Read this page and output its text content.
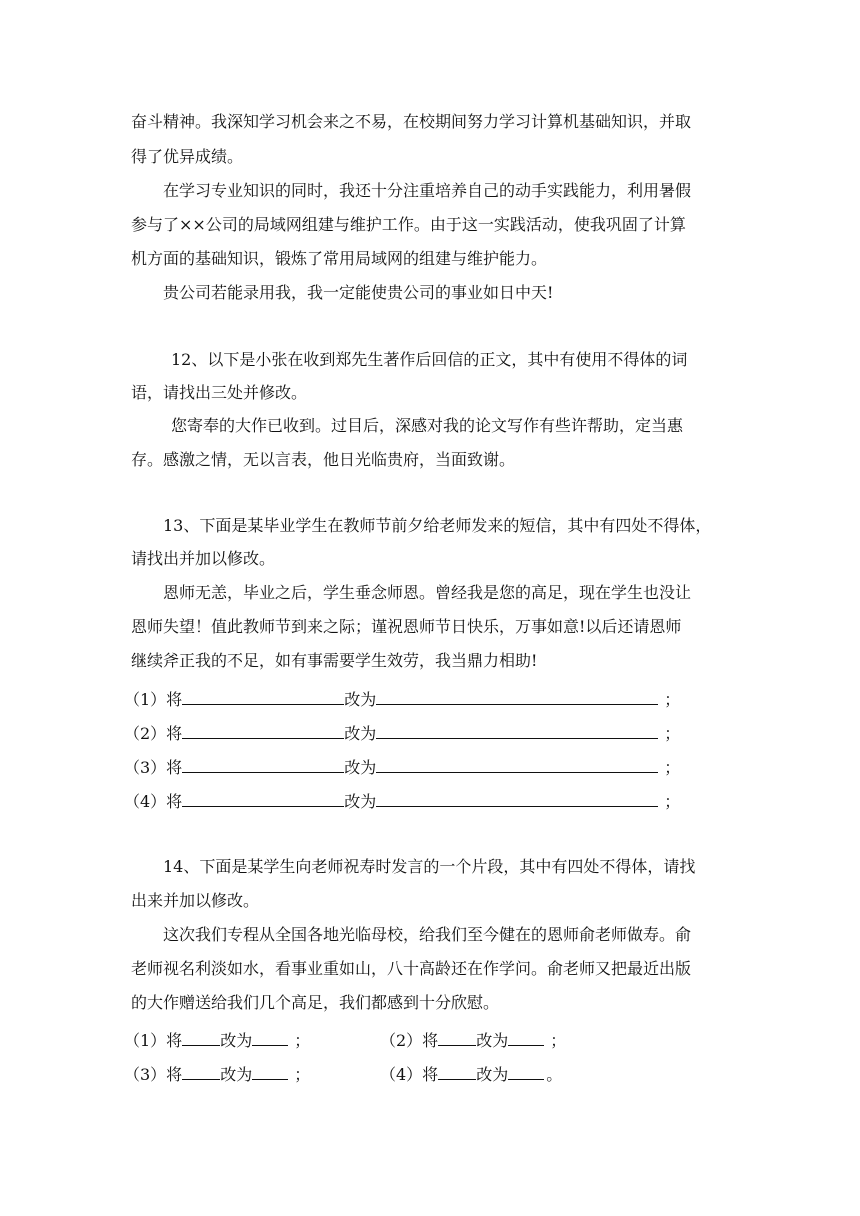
奋斗精神。我深知学习机会来之不易，在校期间努力学习计算机基础知识，并取
得了优异成绩。
在学习专业知识的同时，我还十分注重培养自己的动手实践能力，利用暑假
参与了××公司的局域网组建与维护工作。由于这一实践活动，使我巩固了计算
机方面的基础知识，锻炼了常用局域网的组建与维护能力。
贵公司若能录用我，我一定能使贵公司的事业如日中天!
12、以下是小张在收到郑先生著作后回信的正文，其中有使用不得体的词
语，请找出三处并修改。
您寄奉的大作已收到。过目后，深感对我的论文写作有些许帮助，定当惠
存。感激之情，无以言表，他日光临贵府，当面致谢。
13、下面是某毕业学生在教师节前夕给老师发来的短信，其中有四处不得体，
请找出并加以修改。
恩师无恙，毕业之后，学生垂念师恩。曾经我是您的高足，现在学生也没让
恩师失望！值此教师节到来之际；谨祝恩师节日快乐，万事如意!以后还请恩师
继续斧正我的不足，如有事需要学生效劳，我当鼎力相助!
（1）将	改为	；
（2）将	改为	；
（3）将	改为	；
（4）将	改为	；
14、下面是某学生向老师祝寿时发言的一个片段，其中有四处不得体，请找
出来并加以修改。
这次我们专程从全国各地光临母校，给我们至今健在的恩师俞老师做寿。俞
老师视名利淡如水，看事业重如山，八十高龄还在作学问。俞老师又把最近出版
的大作赠送给我们几个高足，我们都感到十分欣慰。
（1）将 改为	；	（2）将 改为	；
（3）将 改为	；	（4）将 改为 。
